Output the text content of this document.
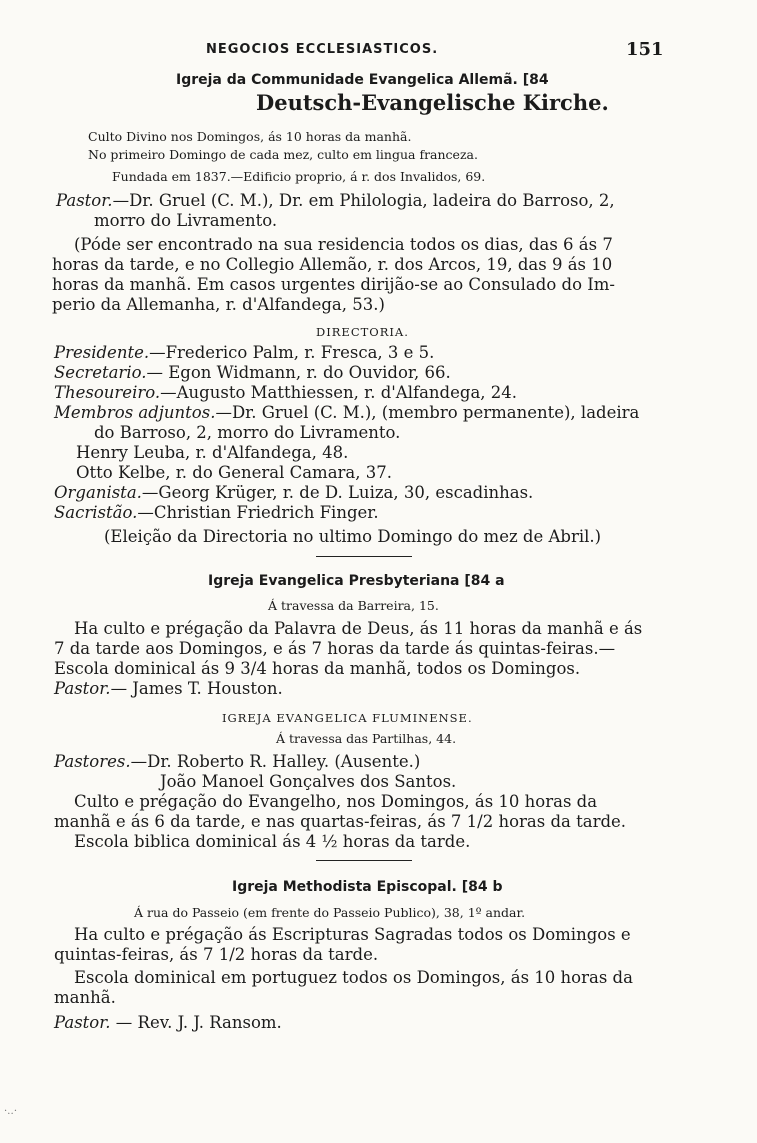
NEGOCIOS ECCLESIASTICOS.	151
Igreja da Communidade Evangelica Allemã. [84
Deutsch-Evangelische Kirche.
Culto Divino nos Domingos, ás 10 horas da manhã.
No primeiro Domingo de cada mez, culto em lingua franceza.
Fundada em 1837.—Edificio proprio, á r. dos Invalidos, 69.
Pastor.—Dr. Gruel (C. M.), Dr. em Philologia, ladeira do Barroso, 2,
morro do Livramento.
(Póde ser encontrado na sua residencia todos os dias, das 6 ás 7
horas da tarde, e no Collegio Allemão, r. dos Arcos, 19, das 9 ás 10
horas da manhã. Em casos urgentes dirijão-se ao Consulado do Im-
perio da Allemanha, r. d'Alfandega, 53.)
DIRECTORIA.
Presidente.—Frederico Palm, r. Fresca, 3 e 5.
Secretario.— Egon Widmann, r. do Ouvidor, 66.
Thesoureiro.—Augusto Matthiessen, r. d'Alfandega, 24.
Membros adjuntos.—Dr. Gruel (C. M.), (membro permanente), ladeira
do Barroso, 2, morro do Livramento.
Henry Leuba, r. d'Alfandega, 48.
Otto Kelbe, r. do General Camara, 37.
Organista.—Georg Krüger, r. de D. Luiza, 30, escadinhas.
Sacristão.—Christian Friedrich Finger.
(Eleição da Directoria no ultimo Domingo do mez de Abril.)
Igreja Evangelica Presbyteriana [84 a
Á travessa da Barreira, 15.
Ha culto e prégação da Palavra de Deus, ás 11 horas da manhã e ás
7 da tarde aos Domingos, e ás 7 horas da tarde ás quintas-feiras.—
Escola dominical ás 9 3/4 horas da manhã, todos os Domingos.
Pastor.— James T. Houston.
IGREJA EVANGELICA FLUMINENSE.
Á travessa das Partilhas, 44.
Pastores.—Dr. Roberto R. Halley. (Ausente.)
João Manoel Gonçalves dos Santos.
Culto e prégação do Evangelho, nos Domingos, ás 10 horas da
manhã e ás 6 da tarde, e nas quartas-feiras, ás 7 1/2 horas da tarde.
Escola biblica dominical ás 4 ½ horas da tarde.
Igreja Methodista Episcopal. [84 b
Á rua do Passeio (em frente do Passeio Publico), 38, 1º andar.
Ha culto e prégação ás Escripturas Sagradas todos os Domingos e
quintas-feiras, ás 7 1/2 horas da tarde.
Escola dominical em portuguez todos os Domingos, ás 10 horas da
manhã.
Pastor. — Rev. J. J. Ransom.
·‥·
